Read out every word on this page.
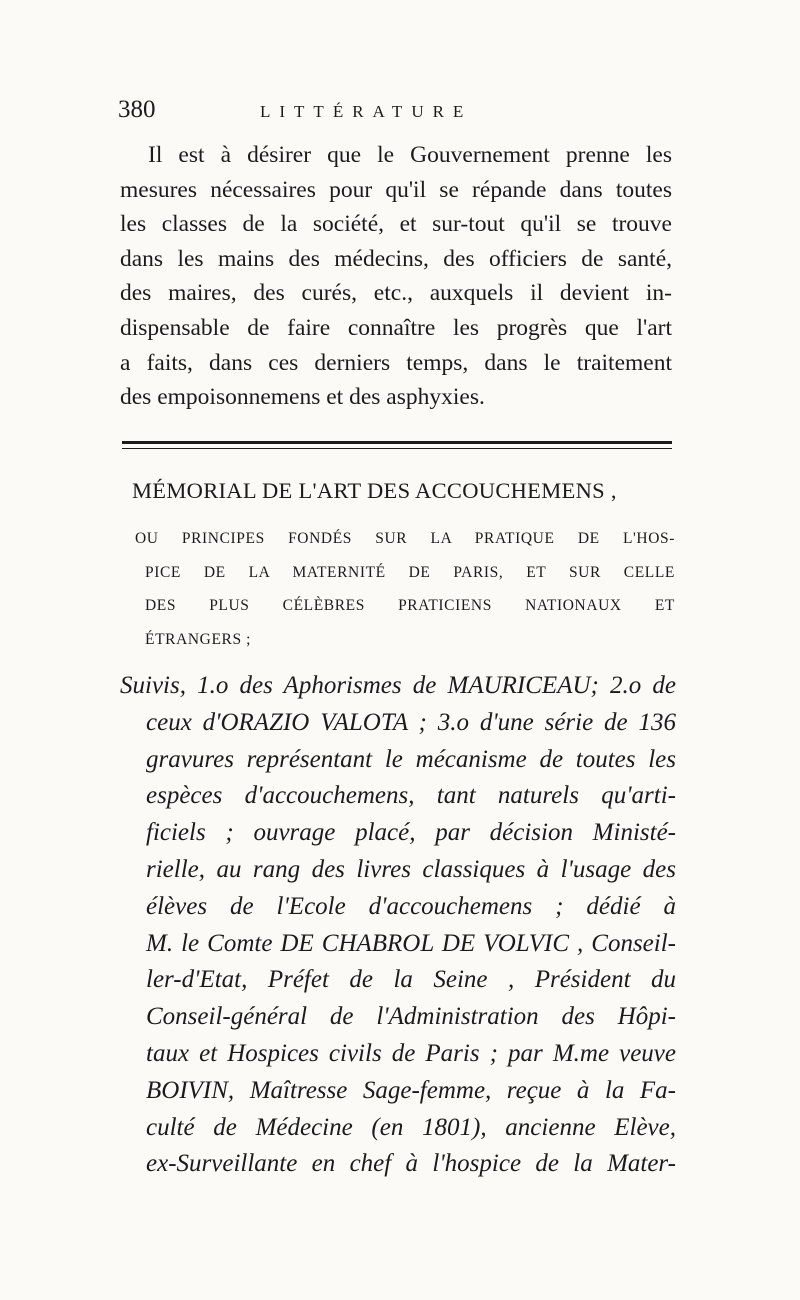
380	LITTÉRATURE
Il est à désirer que le Gouvernement prenne les
mesures nécessaires pour qu'il se répande dans toutes
les classes de la société, et sur-tout qu'il se trouve
dans les mains des médecins, des officiers de santé,
des maires, des curés, etc., auxquels il devient in-
dispensable de faire connaître les progrès que l'art
a faits, dans ces derniers temps, dans le traitement
des empoisonnemens et des asphyxies.
MÉMORIAL DE L'ART DES ACCOUCHEMENS ,
OU PRINCIPES FONDÉS SUR LA PRATIQUE DE L'HOS-
PICE DE LA MATERNITÉ DE PARIS, ET SUR CELLE
DES PLUS CÉLÈBRES PRATICIENS NATIONAUX ET
ÉTRANGERS ;
Suivis, 1.o des Aphorismes de MAURICEAU; 2.o de
ceux d'ORAZIO VALOTA ; 3.o d'une série de 136
gravures représentant le mécanisme de toutes les
espèces d'accouchemens, tant naturels qu'arti-
ficiels ; ouvrage placé, par décision Ministé-
rielle, au rang des livres classiques à l'usage des
élèves de l'Ecole d'accouchemens ; dédié à
M. le Comte DE CHABROL DE VOLVIC , Conseil-
ler-d'Etat, Préfet de la Seine , Président du
Conseil-général de l'Administration des Hôpi-
taux et Hospices civils de Paris ; par M.me veuve
BOIVIN, Maîtresse Sage-femme, reçue à la Fa-
culté de Médecine (en 1801), ancienne Elève,
ex-Surveillante en chef à l'hospice de la Mater-
